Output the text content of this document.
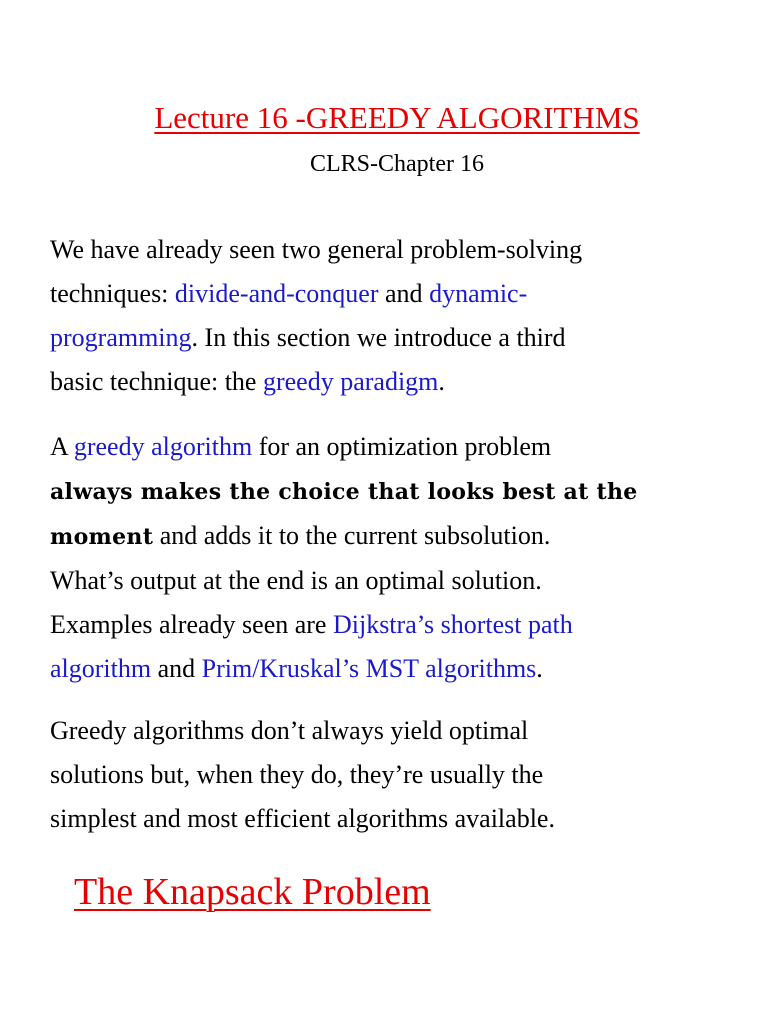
Lecture 16 -GREEDY ALGORITHMS
CLRS-Chapter 16
We have already seen two general problem-solving
techniques: divide-and-conquer and dynamic-
programming. In this section we introduce a third
basic technique: the greedy paradigm.
A greedy algorithm for an optimization problem
always makes the choice that looks best at the
moment and adds it to the current subsolution.
What’s output at the end is an optimal solution.
Examples already seen are Dijkstra’s shortest path
algorithm and Prim/Kruskal’s MST algorithms.
Greedy algorithms don’t always yield optimal
solutions but, when they do, they’re usually the
simplest and most efficient algorithms available.
The Knapsack Problem
